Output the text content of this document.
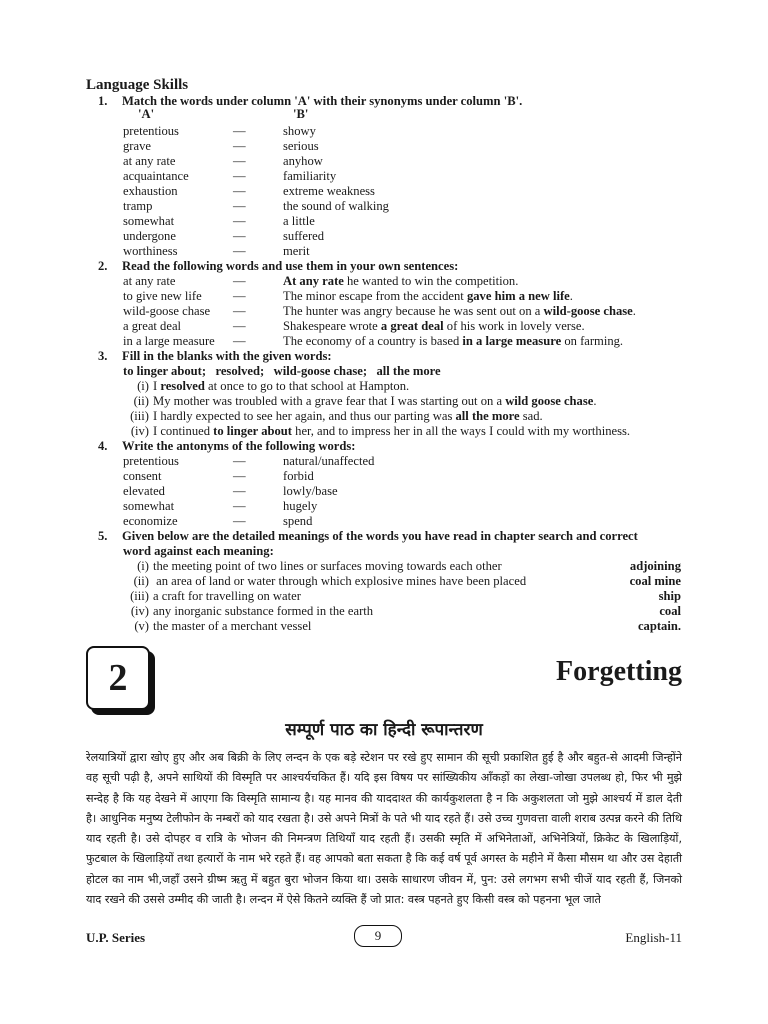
Language Skills
1. Match the words under column 'A' with their synonyms under column 'B'.
'A'	'B'
pretentious	—	showy
grave	—	serious
at any rate	—	anyhow
acquaintance	—	familiarity
exhaustion	—	extreme weakness
tramp	—	the sound of walking
somewhat	—	a little
undergone	—	suffered
worthiness	—	merit
2. Read the following words and use them in your own sentences:
at any rate	—	At any rate he wanted to win the competition.
to give new life —	The minor escape from the accident gave him a new life.
wild-goose chase —	The hunter was angry because he was sent out on a wild-goose chase.
a great deal	—	Shakespeare wrote a great deal of his work in lovely verse.
in a large measure —	The economy of a country is based in a large measure on farming.
3. Fill in the blanks with the given words:
to linger about;   resolved;   wild-goose chase;   all the more
(i) I resolved at once to go to that school at Hampton.
(ii) My mother was troubled with a grave fear that I was starting out on a wild goose chase.
(iii) I hardly expected to see her again, and thus our parting was all the more sad.
(iv) I continued to linger about her, and to impress her in all the ways I could with my worthiness.
4. Write the antonyms of the following words:
pretentious	—	natural/unaffected
consent	—	forbid
elevated	—	lowly/base
somewhat	—	hugely
economize	—	spend
5. Given below are the detailed meanings of the words you have read in chapter search and correct
word against each meaning:
(i) the meeting point of two lines or surfaces moving towards each other	adjoining
(ii) an area of land or water through which explosive mines have been placed	coal mine
(iii) a craft for travelling on water	ship
(iv) any inorganic substance formed in the earth	coal
(v) the master of a merchant vessel	captain.
2	Forgetting
सम्पूर्ण पाठ का हिन्दी रूपान्तरण
रेलयात्रियों द्वारा खोए हुए और अब बिक्री के लिए लन्दन के एक बड़े स्टेशन पर रखे हुए सामान की सूची प्रकाशित हुई है और बहुत-से आदमी जिन्होंने वह सूची पढ़ी है, अपने साथियों की विस्मृति पर आश्चर्यचकित हैं। यदि इस विषय पर सांख्यिकीय आँकड़ों का लेखा-जोखा उपलब्ध हो, फिर भी मुझे सन्देह है कि यह देखने में आएगा कि विस्मृति सामान्य है। यह मानव की याददाश्त की कार्यकुशलता है न कि अकुशलता जो मुझे आश्चर्य में डाल देती है। आधुनिक मनुष्य टेलीफोन के नम्बरों को याद रखता है। उसे अपने मित्रों के पते भी याद रहते हैं। उसे उच्च गुणवत्ता वाली शराब उत्पन्न करने की तिथि याद रहती है। उसे दोपहर व रात्रि के भोजन की निमन्त्रण तिथियाँ याद रहती हैं। उसकी स्मृति में अभिनेताओं, अभिनेत्रियों, क्रिकेट के खिलाड़ियों, फुटबाल के खिलाड़ियों तथा हत्यारों के नाम भरे रहते हैं। वह आपको बता सकता है कि कई वर्ष पूर्व अगस्त के महीने में कैसा मौसम था और उस देहाती होटल का नाम भी,जहाँ उसने ग्रीष्म ऋतु में बहुत बुरा भोजन किया था। उसके साधारण जीवन में, पुन: उसे लगभग सभी चीजें याद रहती हैं, जिनको याद रखने की उससे उम्मीद की जाती है। लन्दन में ऐसे कितने व्यक्ति हैं जो प्रात: वस्त्र पहनते हुए किसी वस्त्र को पहनना भूल जाते
U.P. Series	9	English-11
